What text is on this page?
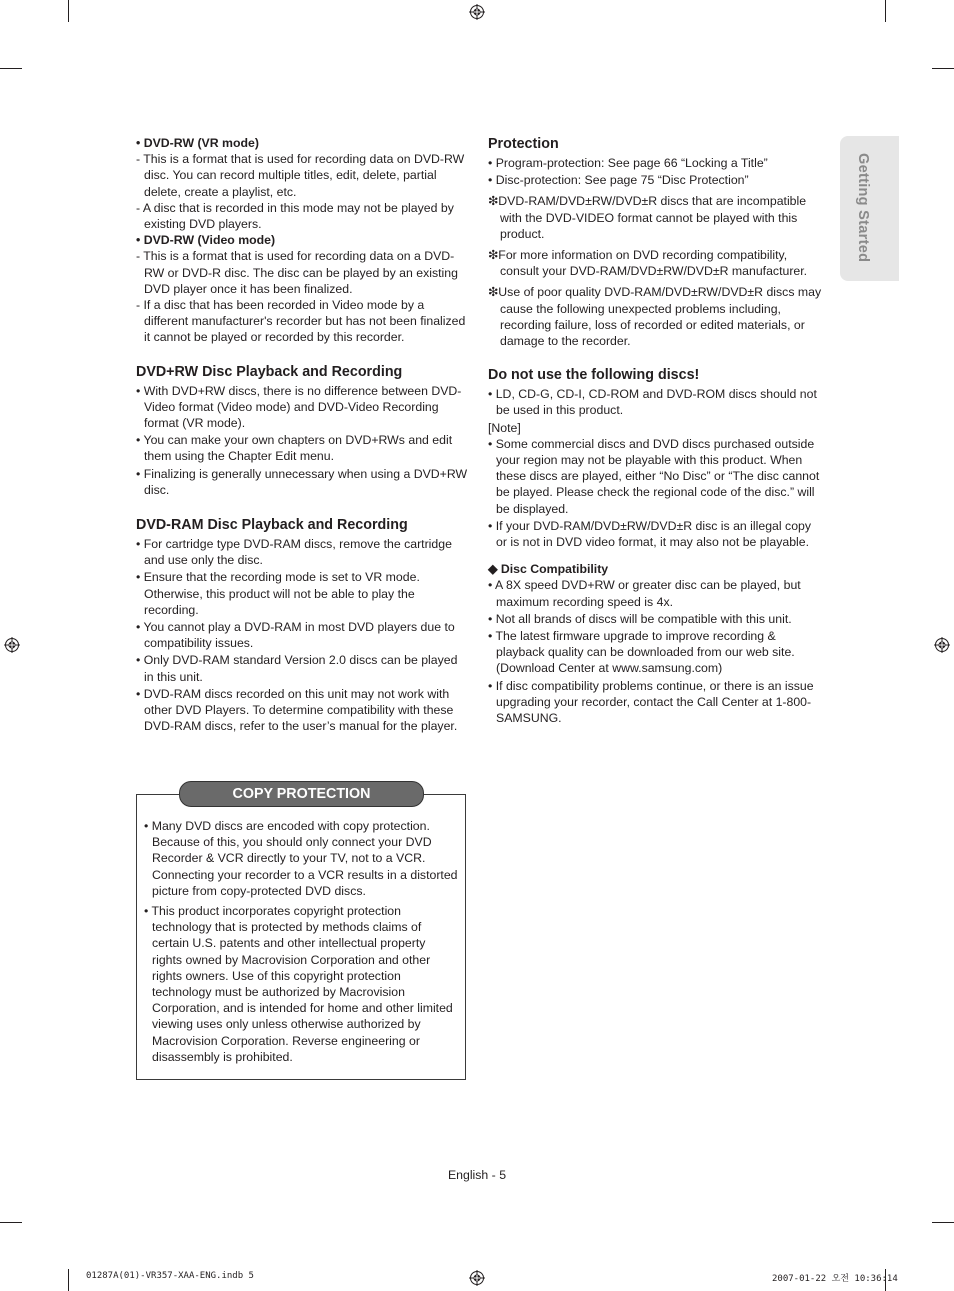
Getting Started

• DVD-RW (VR mode)

- This is a format that is used for recording data on DVD-RW disc. You can record multiple titles, edit, delete, partial delete, create a playlist, etc.

- A disc that is recorded in this mode may not be played by existing DVD players.

• DVD-RW (Video mode)

- This is a format that is used for recording data on a DVD-RW or DVD-R disc. The disc can be played by an existing DVD player once it has been finalized.

- If a disc that has been recorded in Video mode by a different manufacturer's recorder but has not been finalized it cannot be played or recorded by this recorder.

DVD+RW Disc Playback and Recording

• With DVD+RW discs, there is no difference between DVD-Video format (Video mode) and DVD-Video Recording format (VR mode).

• You can make your own chapters on DVD+RWs and edit them using the Chapter Edit menu.

• Finalizing is generally unnecessary when using a DVD+RW disc.

DVD-RAM Disc Playback and Recording

• For cartridge type DVD-RAM discs, remove the cartridge and use only the disc.

• Ensure that the recording mode is set to VR mode. Otherwise, this product will not be able to play the recording.

• You cannot play a DVD-RAM in most DVD players due to compatibility issues.

• Only DVD-RAM standard Version 2.0 discs can be played in this unit.

• DVD-RAM discs recorded on this unit may not work with other DVD Players. To determine compatibility with these DVD-RAM discs, refer to the user’s manual for the player.

COPY PROTECTION

• Many DVD discs are encoded with copy protection. Because of this, you should only connect your DVD Recorder & VCR directly to your TV, not to a VCR. Connecting your recorder to a VCR results in a distorted picture from copy-protected DVD discs.

• This product incorporates copyright protection technology that is protected by methods claims of certain U.S. patents and other intellectual property rights owned by Macrovision Corporation and other rights owners. Use of this copyright protection technology must be authorized by Macrovision Corporation, and is intended for home and other limited viewing uses only unless otherwise authorized by Macrovision Corporation. Reverse engineering or disassembly is prohibited.

Protection

• Program-protection: See page 66 “Locking a Title”

• Disc-protection: See page 75 “Disc Protection”

❇DVD-RAM/DVD±RW/DVD±R discs that are incompatible with the DVD-VIDEO format cannot be played with this product.

❇For more information on DVD recording compatibility, consult your DVD-RAM/DVD±RW/DVD±R manufacturer.

❇Use of poor quality DVD-RAM/DVD±RW/DVD±R discs may cause the following unexpected problems including, recording failure, loss of recorded or edited materials, or damage to the recorder.

Do not use the following discs!

• LD, CD-G, CD-I, CD-ROM and DVD-ROM discs should not be used in this product.

[Note]

• Some commercial discs and DVD discs purchased outside your region may not be playable with this product. When these discs are played, either “No Disc” or “The disc cannot be played. Please check the regional code of the disc.” will be displayed.

• If your DVD-RAM/DVD±RW/DVD±R disc is an illegal copy or is not in DVD video format, it may also not be playable.

◆ Disc Compatibility

• A 8X speed DVD+RW or greater disc can be played, but maximum recording speed is 4x.

• Not all brands of discs will be compatible with this unit.

• The latest firmware upgrade to improve recording & playback quality can be downloaded from our web site. (Download Center at www.samsung.com)

• If disc compatibility problems continue, or there is an issue upgrading your recorder, contact the Call Center at 1-800-SAMSUNG.

English - 5
01287A(01)-VR357-XAA-ENG.indb 5	2007-01-22 오전 10:36:14
